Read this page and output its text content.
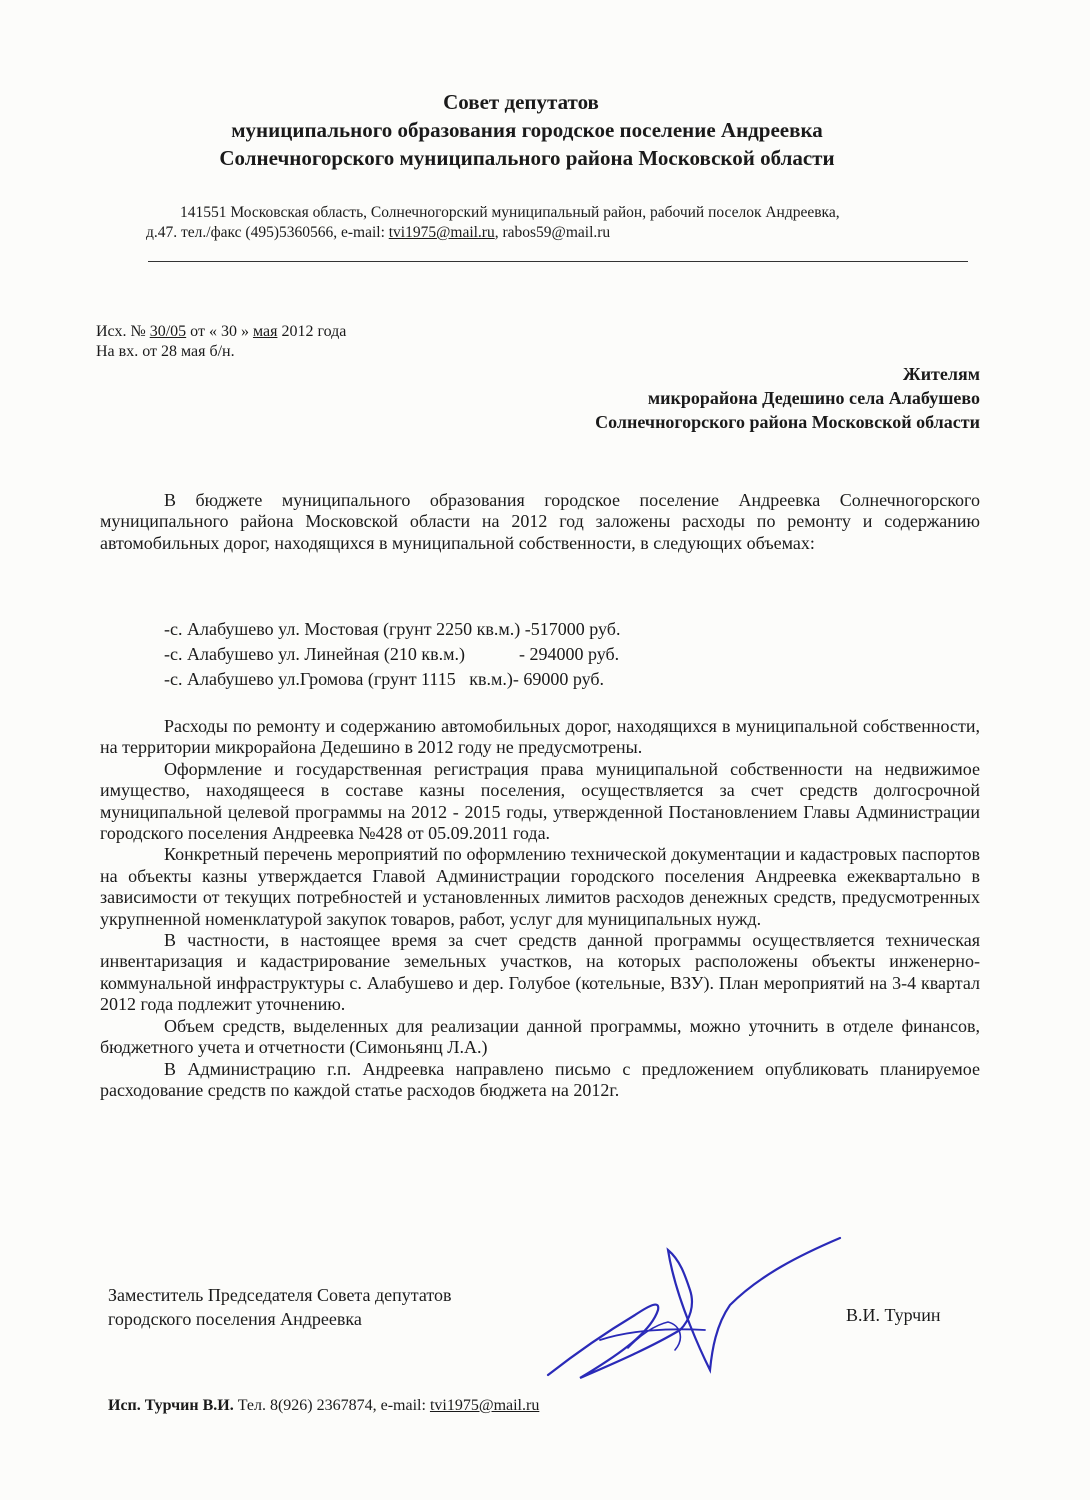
Совет депутатов
муниципального образования городское поселение Андреевка
Солнечногорского муниципального района Московской области
141551 Московская область, Солнечногорский муниципальный район, рабочий поселок Андреевка,
д.47. тел./факс (495)5360566, e-mail: tvi1975@mail.ru, rabos59@mail.ru
Исх. № 30/05 от « 30 » мая 2012 года
На вх. от 28 мая б/н.
Жителям
микрорайона Дедешино села Алабушево
Солнечногорского района Московской области

В бюджете муниципального образования городское поселение Андреевка Солнечногорского муниципального района Московской области на 2012 год заложены расходы по ремонту и содержанию автомобильных дорог, находящихся в муниципальной собственности, в следующих объемах:

-с. Алабушево ул. Мостовая (грунт 2250 кв.м.) -517000 руб.
-с. Алабушево ул. Линейная (210 кв.м.)            - 294000 руб.
-с. Алабушево ул.Громова (грунт 1115   кв.м.)- 69000 руб.

Расходы по ремонту и содержанию автомобильных дорог, находящихся в муниципальной собственности, на территории микрорайона Дедешино в 2012 году не предусмотрены.

Оформление и государственная регистрация права муниципальной собственности на недвижимое имущество, находящееся в составе казны поселения, осуществляется за счет средств долгосрочной муниципальной целевой программы на 2012 - 2015 годы, утвержденной Постановлением Главы Администрации городского поселения Андреевка №428 от 05.09.2011 года.

Конкретный перечень мероприятий по оформлению технической документации и кадастровых паспортов на объекты казны утверждается Главой Администрации городского поселения Андреевка ежеквартально в зависимости от текущих потребностей и установленных лимитов расходов денежных средств, предусмотренных укрупненной номенклатурой закупок товаров, работ, услуг для муниципальных нужд.

В частности, в настоящее время за счет средств данной программы осуществляется техническая инвентаризация и кадастрирование земельных участков, на которых расположены объекты инженерно-коммунальной инфраструктуры с. Алабушево и дер. Голубое (котельные, ВЗУ). План мероприятий на 3-4 квартал 2012 года подлежит уточнению.

Объем средств, выделенных для реализации данной программы, можно уточнить в отделе финансов, бюджетного учета и отчетности (Симоньянц Л.А.)

В Администрацию г.п. Андреевка направлено письмо с предложением опубликовать планируемое расходование средств по каждой статье расходов бюджета на 2012г.

Заместитель Председателя Совета депутатов
городского поселения Андреевка	В.И. Турчин
Исп. Турчин В.И. Тел. 8(926) 2367874, e-mail: tvi1975@mail.ru
